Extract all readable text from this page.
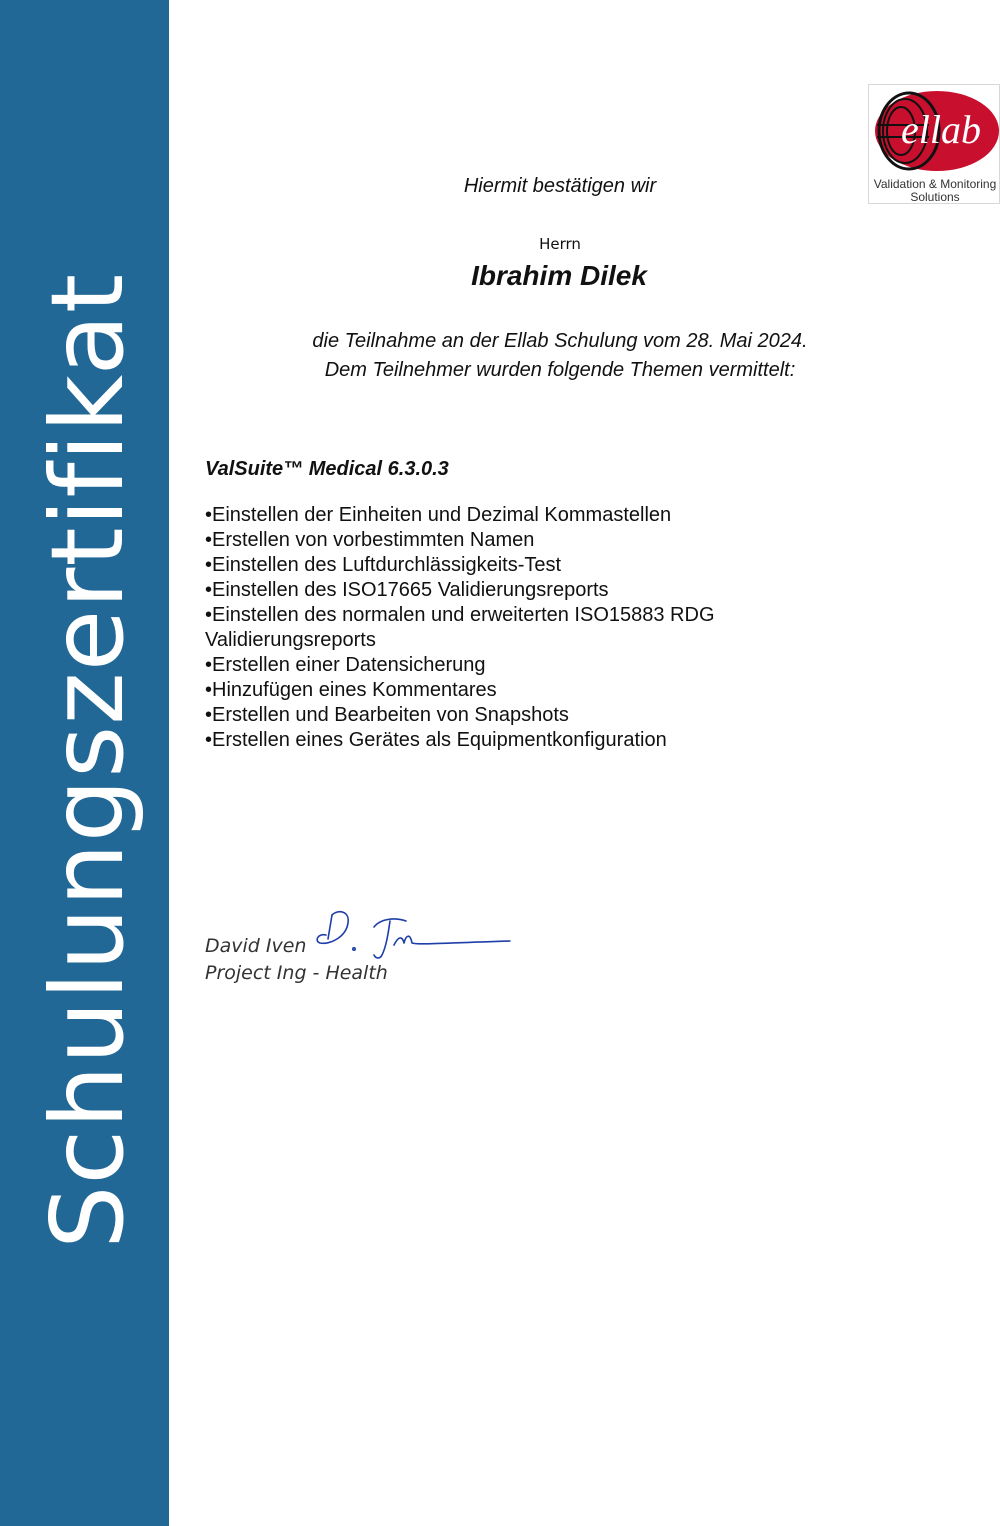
Schulungszertifikat
ellab
Validation & Monitoring
Solutions
Hiermit bestätigen wir
Herrn
Ibrahim Dilek
die Teilnahme an der Ellab Schulung vom 28. Mai 2024.
Dem Teilnehmer wurden folgende Themen vermittelt:
ValSuite™ Medical 6.3.0.3
•Einstellen der Einheiten und Dezimal Kommastellen
•Erstellen von vorbestimmten Namen
•Einstellen des Luftdurchlässigkeits-Test
•Einstellen des ISO17665 Validierungsreports
•Einstellen des normalen und erweiterten ISO15883 RDG Validierungsreports
•Erstellen einer Datensicherung
•Hinzufügen eines Kommentares
•Erstellen und Bearbeiten von Snapshots
•Erstellen eines Gerätes als Equipmentkonfiguration
David Iven
Project Ing - Health
